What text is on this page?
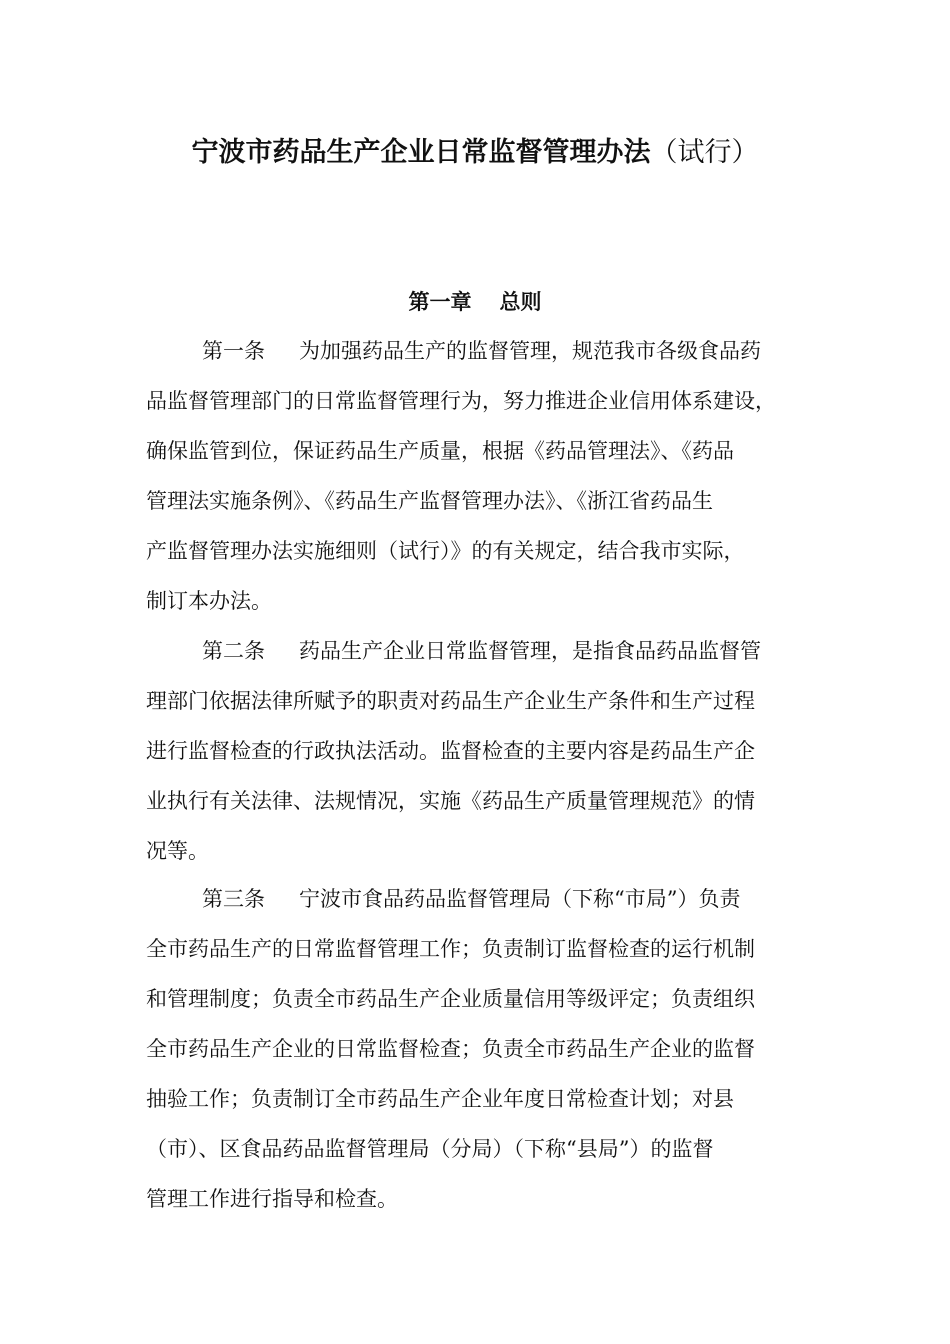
宁波市药品生产企业日常监督管理办法（试行）
第一章 总则
第一条 为加强药品生产的监督管理，规范我市各级食品药
品监督管理部门的日常监督管理行为，努力推进企业信用体系建设，
确保监管到位，保证药品生产质量，根据《药品管理法》、《药品
管理法实施条例》、《药品生产监督管理办法》、《浙江省药品生
产监督管理办法实施细则（试行）》的有关规定，结合我市实际，
制订本办法。
第二条 药品生产企业日常监督管理，是指食品药品监督管
理部门依据法律所赋予的职责对药品生产企业生产条件和生产过程
进行监督检查的行政执法活动。监督检查的主要内容是药品生产企
业执行有关法律、法规情况，实施《药品生产质量管理规范》的情
况等。
第三条 宁波市食品药品监督管理局（下称“市局”）负责
全市药品生产的日常监督管理工作；负责制订监督检查的运行机制
和管理制度；负责全市药品生产企业质量信用等级评定；负责组织
全市药品生产企业的日常监督检查；负责全市药品生产企业的监督
抽验工作；负责制订全市药品生产企业年度日常检查计划；对县
（市）、区食品药品监督管理局（分局）（下称“县局”）的监督
管理工作进行指导和检查。
